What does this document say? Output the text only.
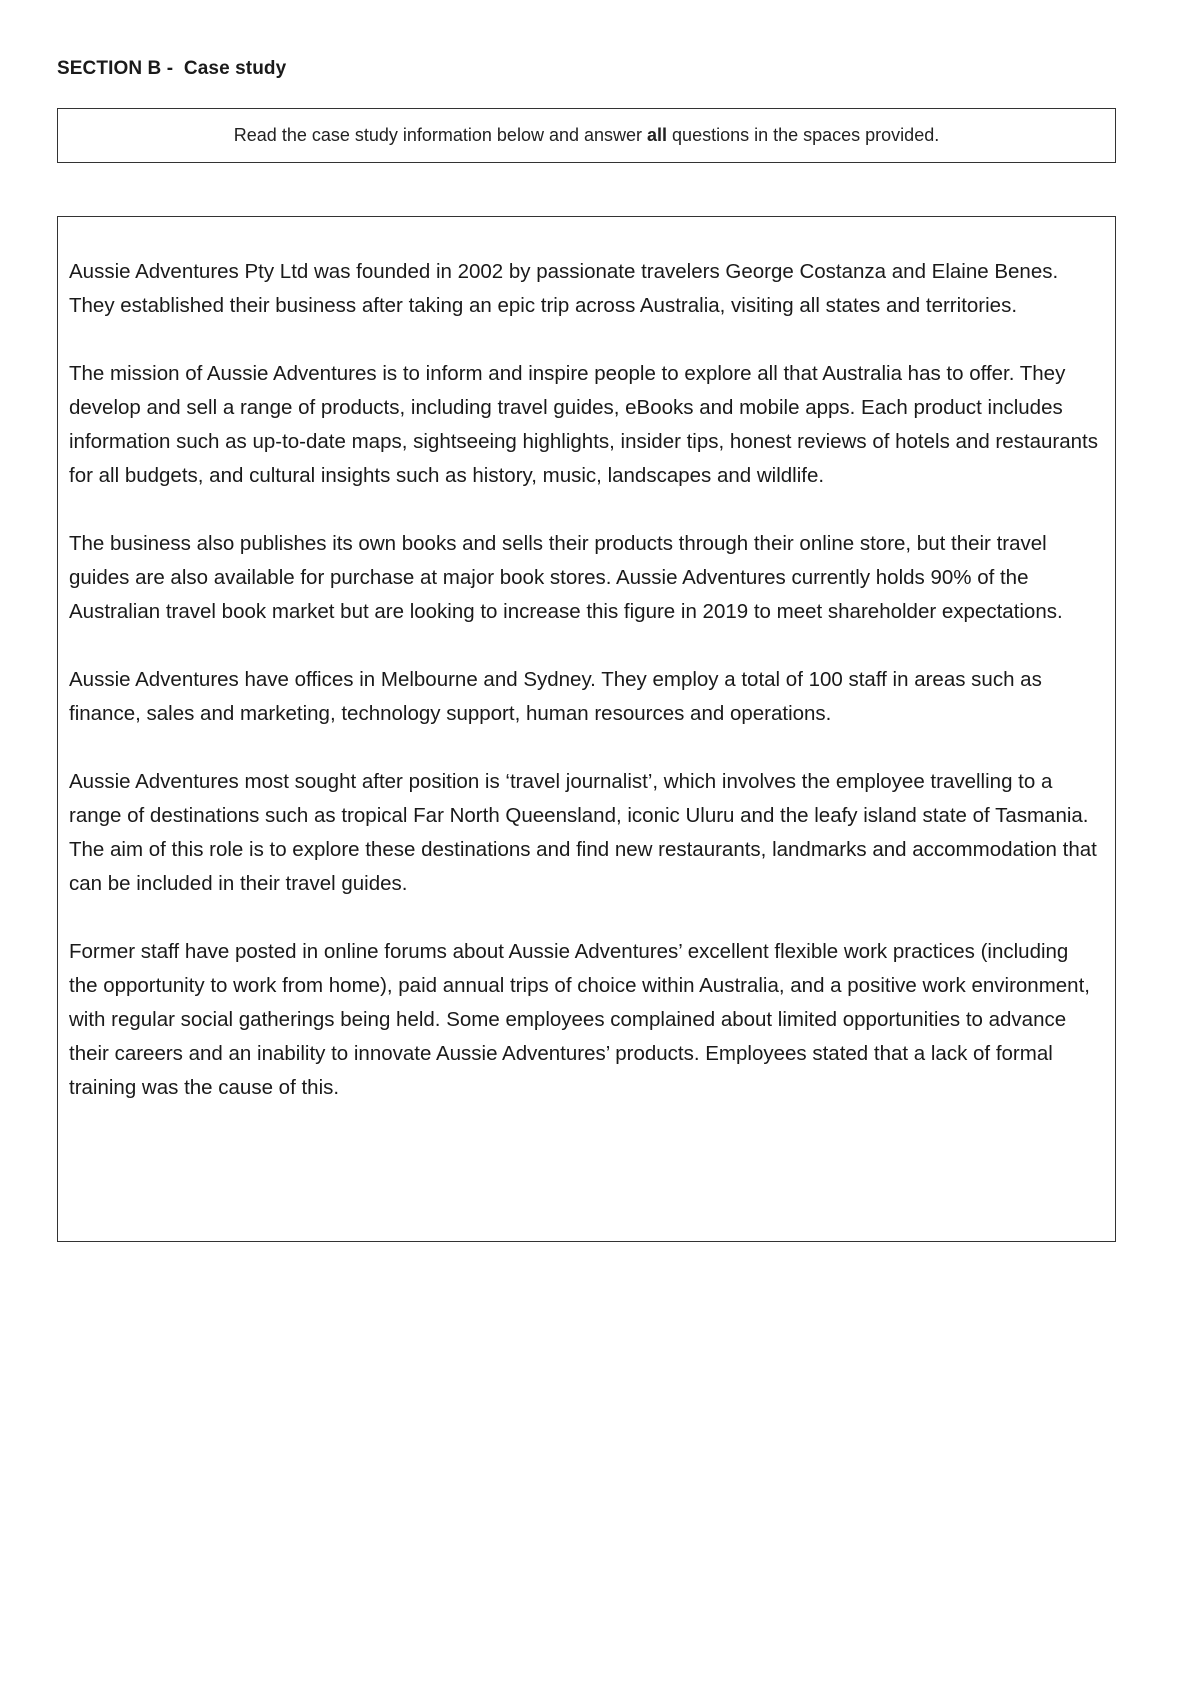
SECTION B -  Case study
Read the case study information below and answer all questions in the spaces provided.

Aussie Adventures Pty Ltd was founded in 2002 by passionate travelers George Costanza and Elaine Benes. They established their business after taking an epic trip across Australia, visiting all states and territories.

The mission of Aussie Adventures is to inform and inspire people to explore all that Australia has to offer. They develop and sell a range of products, including travel guides, eBooks and mobile apps. Each product includes information such as up-to-date maps, sightseeing highlights, insider tips, honest reviews of hotels and restaurants for all budgets, and cultural insights such as history, music, landscapes and wildlife.

The business also publishes its own books and sells their products through their online store, but their travel guides are also available for purchase at major book stores. Aussie Adventures currently holds 90% of the Australian travel book market but are looking to increase this figure in 2019 to meet shareholder expectations.

Aussie Adventures have offices in Melbourne and Sydney. They employ a total of 100 staff in areas such as finance, sales and marketing, technology support, human resources and operations.

Aussie Adventures most sought after position is ‘travel journalist’, which involves the employee travelling to a range of destinations such as tropical Far North Queensland, iconic Uluru and the leafy island state of Tasmania. The aim of this role is to explore these destinations and find new restaurants, landmarks and accommodation that can be included in their travel guides.

Former staff have posted in online forums about Aussie Adventures’ excellent flexible work practices (including the opportunity to work from home), paid annual trips of choice within Australia, and a positive work environment, with regular social gatherings being held. Some employees complained about limited opportunities to advance their careers and an inability to innovate Aussie Adventures’ products. Employees stated that a lack of formal training was the cause of this.
